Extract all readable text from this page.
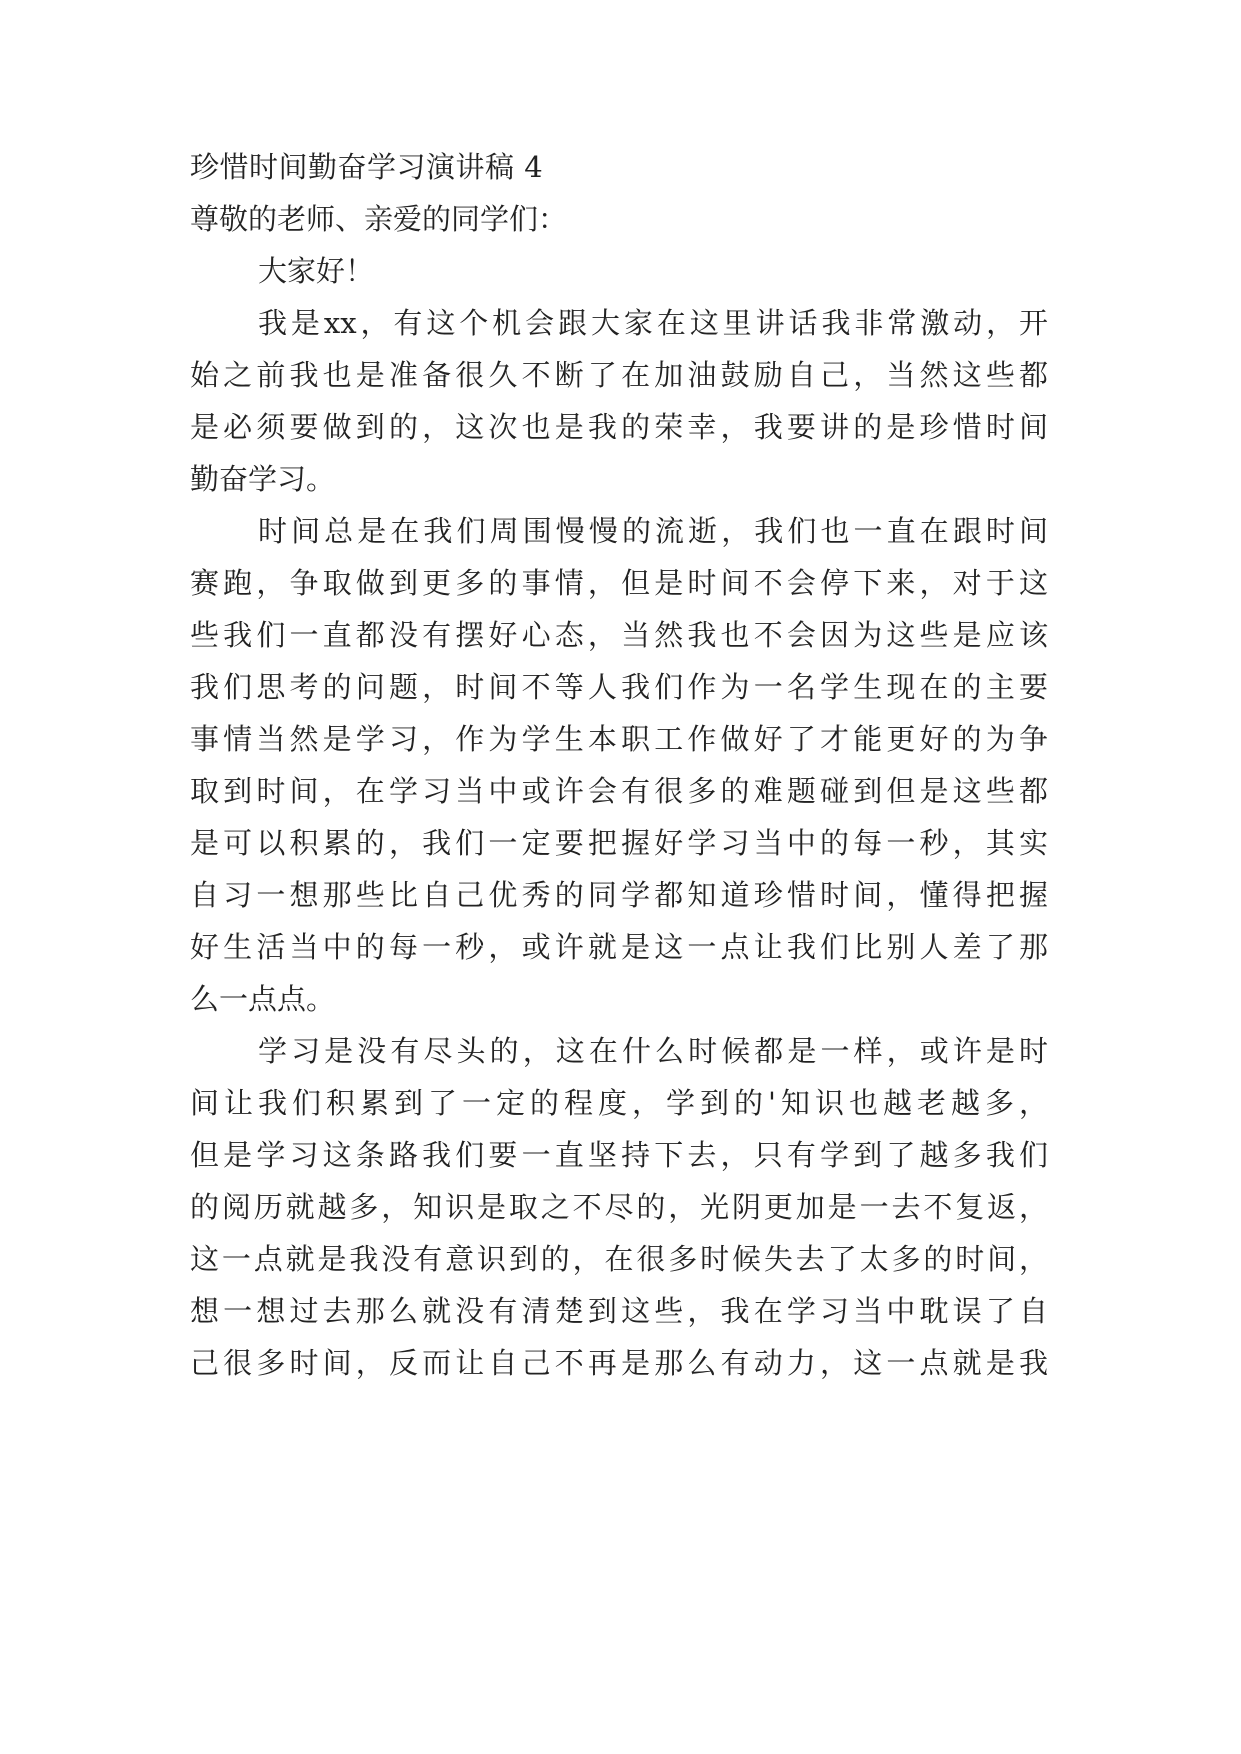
珍惜时间勤奋学习演讲稿 4
尊敬的老师、亲爱的同学们：
大家好！
我是xx，有这个机会跟大家在这里讲话我非常激动，开
始之前我也是准备很久不断了在加油鼓励自己，当然这些都
是必须要做到的，这次也是我的荣幸，我要讲的是珍惜时间
勤奋学习。
时间总是在我们周围慢慢的流逝，我们也一直在跟时间
赛跑，争取做到更多的事情，但是时间不会停下来，对于这
些我们一直都没有摆好心态，当然我也不会因为这些是应该
我们思考的问题，时间不等人我们作为一名学生现在的主要
事情当然是学习，作为学生本职工作做好了才能更好的为争
取到时间，在学习当中或许会有很多的难题碰到但是这些都
是可以积累的，我们一定要把握好学习当中的每一秒，其实
自习一想那些比自己优秀的同学都知道珍惜时间，懂得把握
好生活当中的每一秒，或许就是这一点让我们比别人差了那
么一点点。
学习是没有尽头的，这在什么时候都是一样，或许是时
间让我们积累到了一定的程度，学到的'知识也越老越多，
但是学习这条路我们要一直坚持下去，只有学到了越多我们
的阅历就越多，知识是取之不尽的，光阴更加是一去不复返，
这一点就是我没有意识到的，在很多时候失去了太多的时间，
想一想过去那么就没有清楚到这些，我在学习当中耽误了自
己很多时间，反而让自己不再是那么有动力，这一点就是我
